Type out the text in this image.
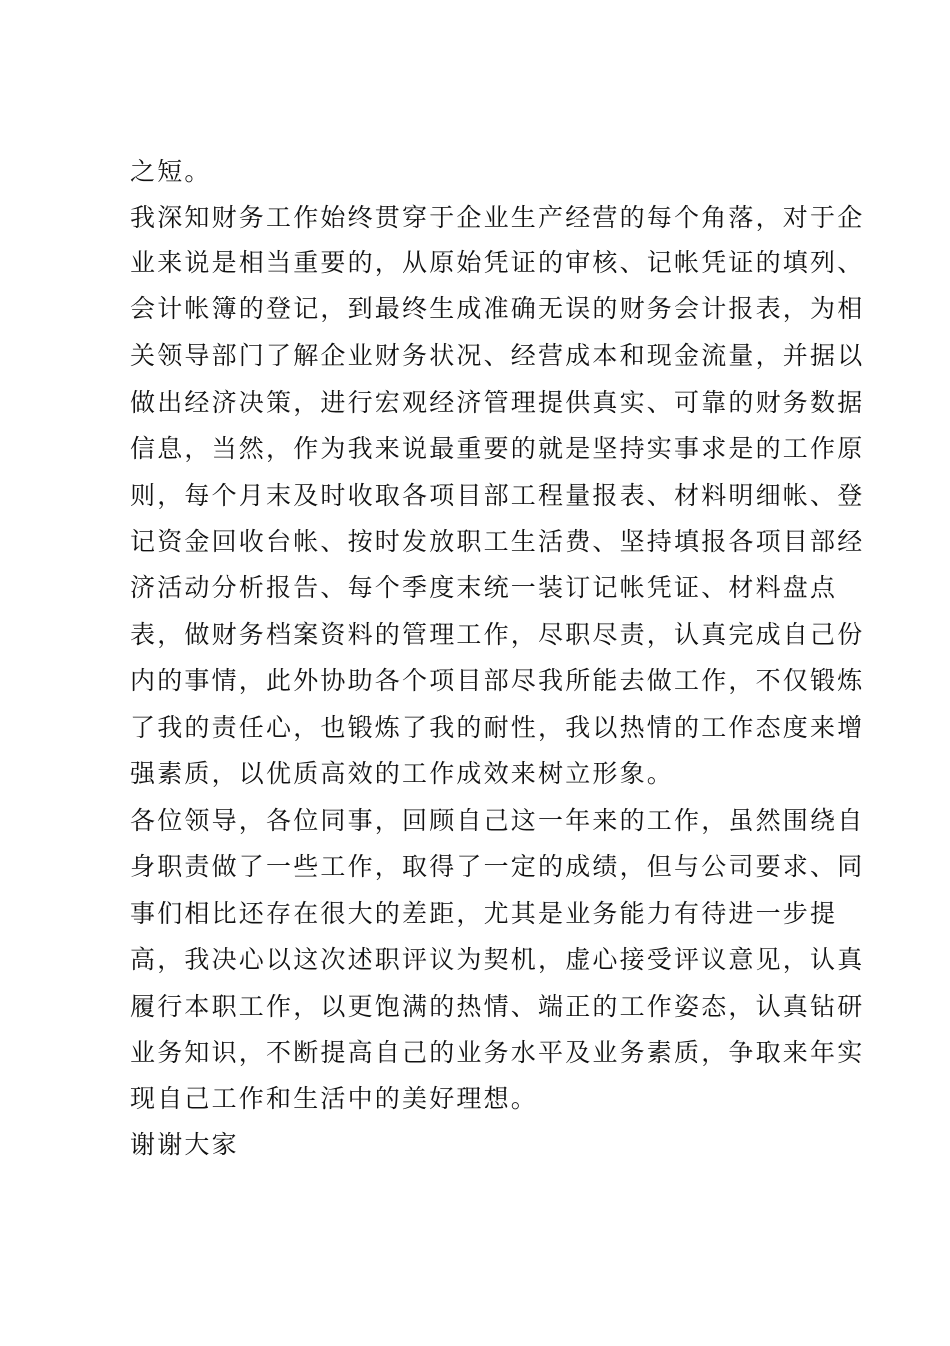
之短。
我深知财务工作始终贯穿于企业生产经营的每个角落，对于企
业来说是相当重要的，从原始凭证的审核、记帐凭证的填列、
会计帐簿的登记，到最终生成准确无误的财务会计报表，为相
关领导部门了解企业财务状况、经营成本和现金流量，并据以
做出经济决策，进行宏观经济管理提供真实、可靠的财务数据
信息，当然，作为我来说最重要的就是坚持实事求是的工作原
则，每个月末及时收取各项目部工程量报表、材料明细帐、登
记资金回收台帐、按时发放职工生活费、坚持填报各项目部经
济活动分析报告、每个季度末统一装订记帐凭证、材料盘点
表，做财务档案资料的管理工作，尽职尽责，认真完成自己份
内的事情，此外协助各个项目部尽我所能去做工作，不仅锻炼
了我的责任心，也锻炼了我的耐性，我以热情的工作态度来增
强素质，以优质高效的工作成效来树立形象。
各位领导，各位同事，回顾自己这一年来的工作，虽然围绕自
身职责做了一些工作，取得了一定的成绩，但与公司要求、同
事们相比还存在很大的差距，尤其是业务能力有待进一步提
高，我决心以这次述职评议为契机，虚心接受评议意见，认真
履行本职工作，以更饱满的热情、端正的工作姿态，认真钻研
业务知识，不断提高自己的业务水平及业务素质，争取来年实
现自己工作和生活中的美好理想。
谢谢大家
